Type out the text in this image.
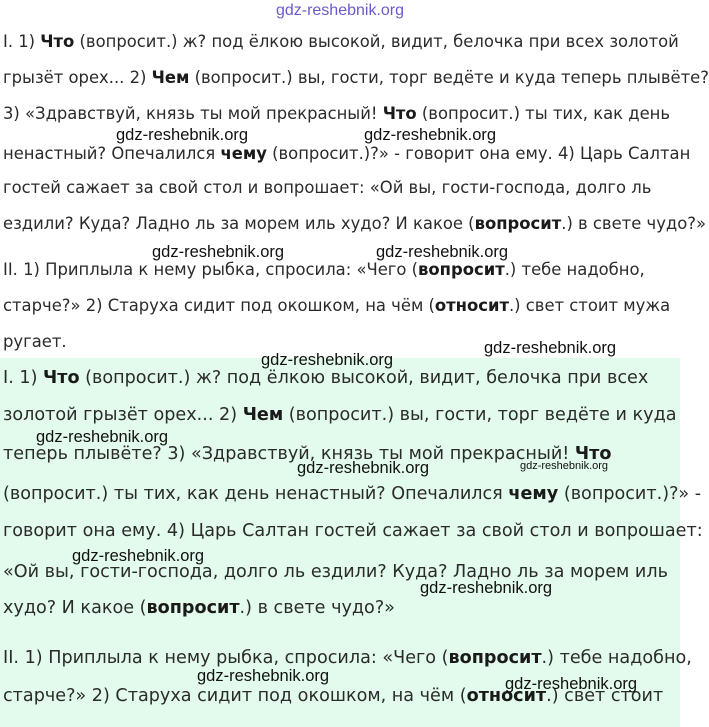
gdz-reshebnik.org
I. 1) Что (вопросит.) ж? под ёлкою высокой, видит, белочка при всех золотой
грызёт орех... 2) Чем (вопросит.) вы, гости, торг ведёте и куда теперь плывёте?
3) «Здравствуй, князь ты мой прекрасный! Что (вопросит.) ты тих, как день
ненастный? Опечалился чему (вопросит.)?» - говорит она ему. 4) Царь Салтан
гостей сажает за свой стол и вопрошает: «Ой вы, гости-господа, долго ль
ездили? Куда? Ладно ль за морем иль худо? И какое (вопросит.) в свете чудо?»
II. 1) Приплыла к нему рыбка, спросила: «Чего (вопросит.) тебе надобно,
старче?» 2) Старуха сидит под окошком, на чём (относит.) свет стоит мужа
ругает.
I. 1) Что (вопросит.) ж? под ёлкою высокой, видит, белочка при всех
золотой грызёт орех... 2) Чем (вопросит.) вы, гости, торг ведёте и куда
теперь плывёте? 3) «Здравствуй, князь ты мой прекрасный! Что
(вопросит.) ты тих, как день ненастный? Опечалился чему (вопросит.)?» -
говорит она ему. 4) Царь Салтан гостей сажает за свой стол и вопрошает:
«Ой вы, гости-господа, долго ль ездили? Куда? Ладно ль за морем иль
худо? И какое (вопросит.) в свете чудо?»
II. 1) Приплыла к нему рыбка, спросила: «Чего (вопросит.) тебе надобно,
старче?» 2) Старуха сидит под окошком, на чём (относит.) свет стоит
gdz-reshebnik.org	gdz-reshebnik.org
gdz-reshebnik.org	gdz-reshebnik.org
gdz-reshebnik.org
gdz-reshebnik.org
gdz-reshebnik.org
gdz-reshebnik.org	gdz-reshebnik.org
gdz-reshebnik.org
gdz-reshebnik.org
gdz-reshebnik.org	gdz-reshebnik.org
